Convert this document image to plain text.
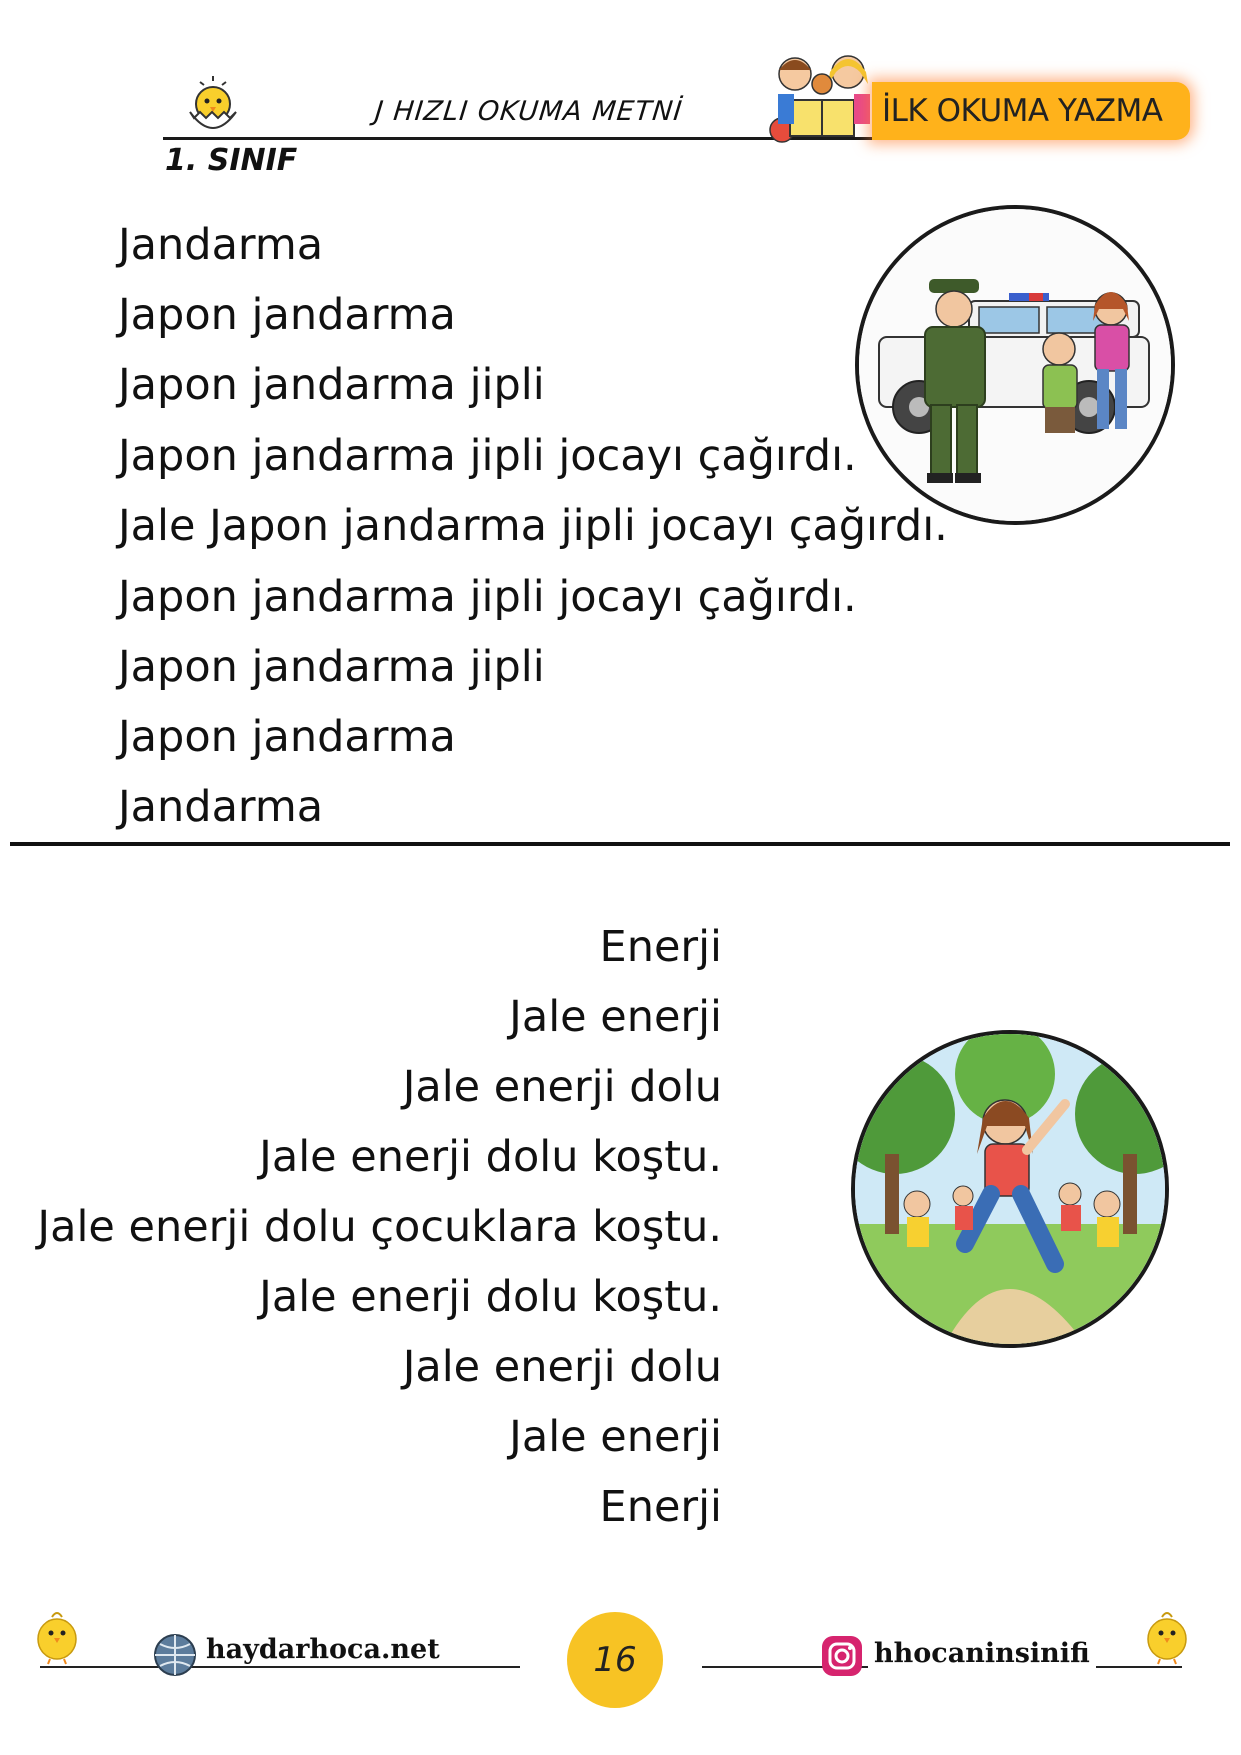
J HIZLI OKUMA METNİ
1. SINIF
İLK OKUMA YAZMA
Jandarma
Japon jandarma
Japon jandarma jipli
Japon jandarma jipli jocayı çağırdı.
Jale Japon jandarma jipli jocayı çağırdı.
Japon jandarma jipli jocayı çağırdı.
Japon jandarma jipli
Japon jandarma
Jandarma
Enerji
Jale enerji
Jale enerji dolu
Jale enerji dolu koştu.
Jale enerji dolu çocuklara koştu.
Jale enerji dolu koştu.
Jale enerji dolu
Jale enerji
Enerji
haydarhoca.net	16	hhocaninsinifi
